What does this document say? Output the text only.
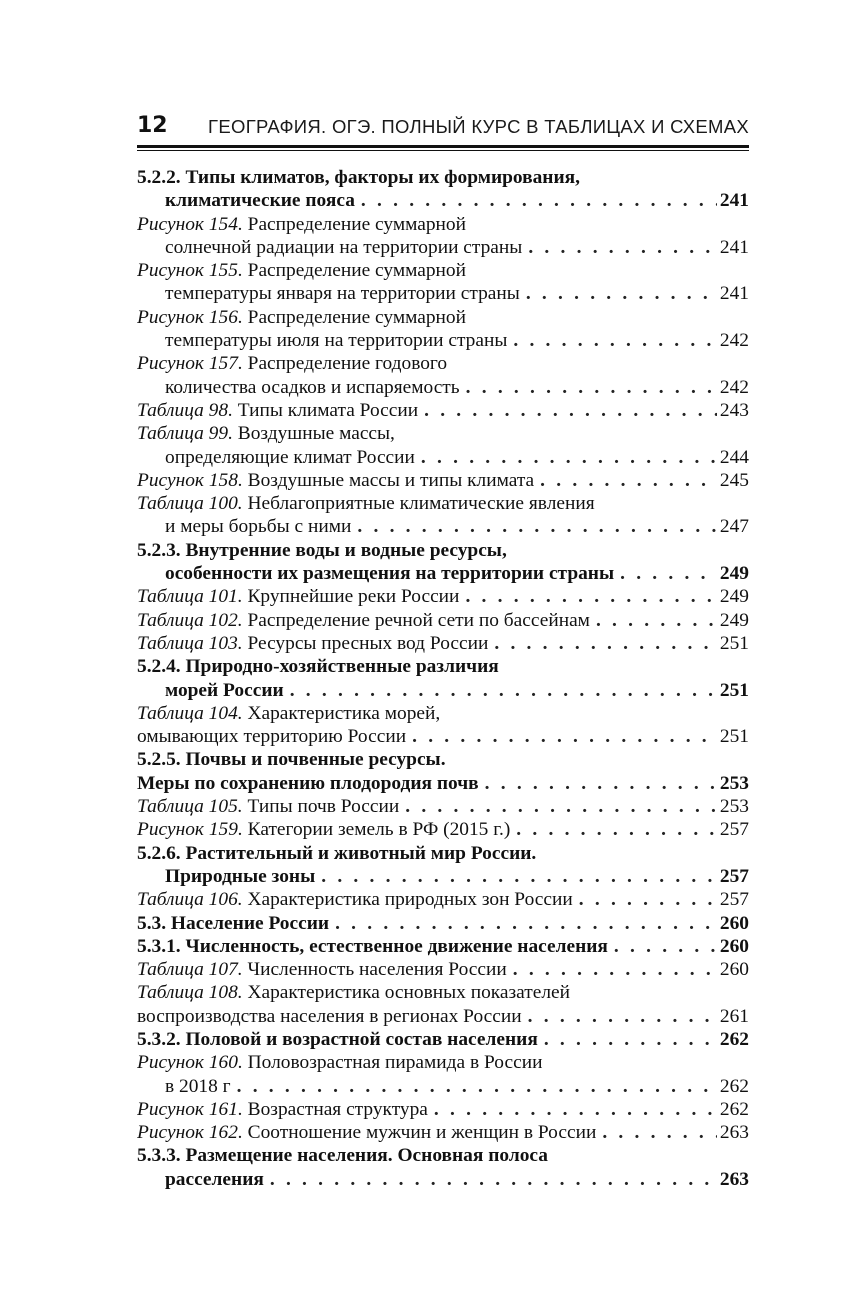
12 ГЕОГРАФИЯ. ОГЭ. ПОЛНЫЙ КУРС В ТАБЛИЦАХ И СХЕМАХ
5.2.2. Типы климатов, факторы их формирования,
климатические пояса . . .	241
Рисунок 154. Распределение суммарной
солнечной радиации на территории страны . . .	241
Рисунок 155. Распределение суммарной
температуры января на территории страны . . .	241
Рисунок 156. Распределение суммарной
температуры июля на территории страны . . .	242
Рисунок 157. Распределение годового
количества осадков и испаряемость . . .	242
Таблица 98. Типы климата России . . .	243
Таблица 99. Воздушные массы,
определяющие климат России . . .	244
Рисунок 158. Воздушные массы и типы климата . . .	245
Таблица 100. Неблагоприятные климатические явления
и меры борьбы с ними . . .	247
5.2.3. Внутренние воды и водные ресурсы,
особенности их размещения на территории страны . . .	249
Таблица 101. Крупнейшие реки России . . .	249
Таблица 102. Распределение речной сети по бассейнам . . .	249
Таблица 103. Ресурсы пресных вод России . . .	251
5.2.4. Природно-хозяйственные различия
морей России . . .	251
Таблица 104. Характеристика морей,
омывающих территорию России . . .	251
5.2.5. Почвы и почвенные ресурсы.
Меры по сохранению плодородия почв . . .	253
Таблица 105. Типы почв России . . .	253
Рисунок 159. Категории земель в РФ (2015 г.) . . .	257
5.2.6. Растительный и животный мир России.
Природные зоны . . .	257
Таблица 106. Характеристика природных зон России . . .	257
5.3. Население России . . .	260
5.3.1. Численность, естественное движение населения . . .	260
Таблица 107. Численность населения России . . .	260
Таблица 108. Характеристика основных показателей
воспроизводства населения в регионах России . . .	261
5.3.2. Половой и возрастной состав населения . . .	262
Рисунок 160. Половозрастная пирамида в России
в 2018 г . . .	262
Рисунок 161. Возрастная структура . . .	262
Рисунок 162. Соотношение мужчин и женщин в России . . .	263
5.3.3. Размещение населения. Основная полоса
расселения . . .	263
